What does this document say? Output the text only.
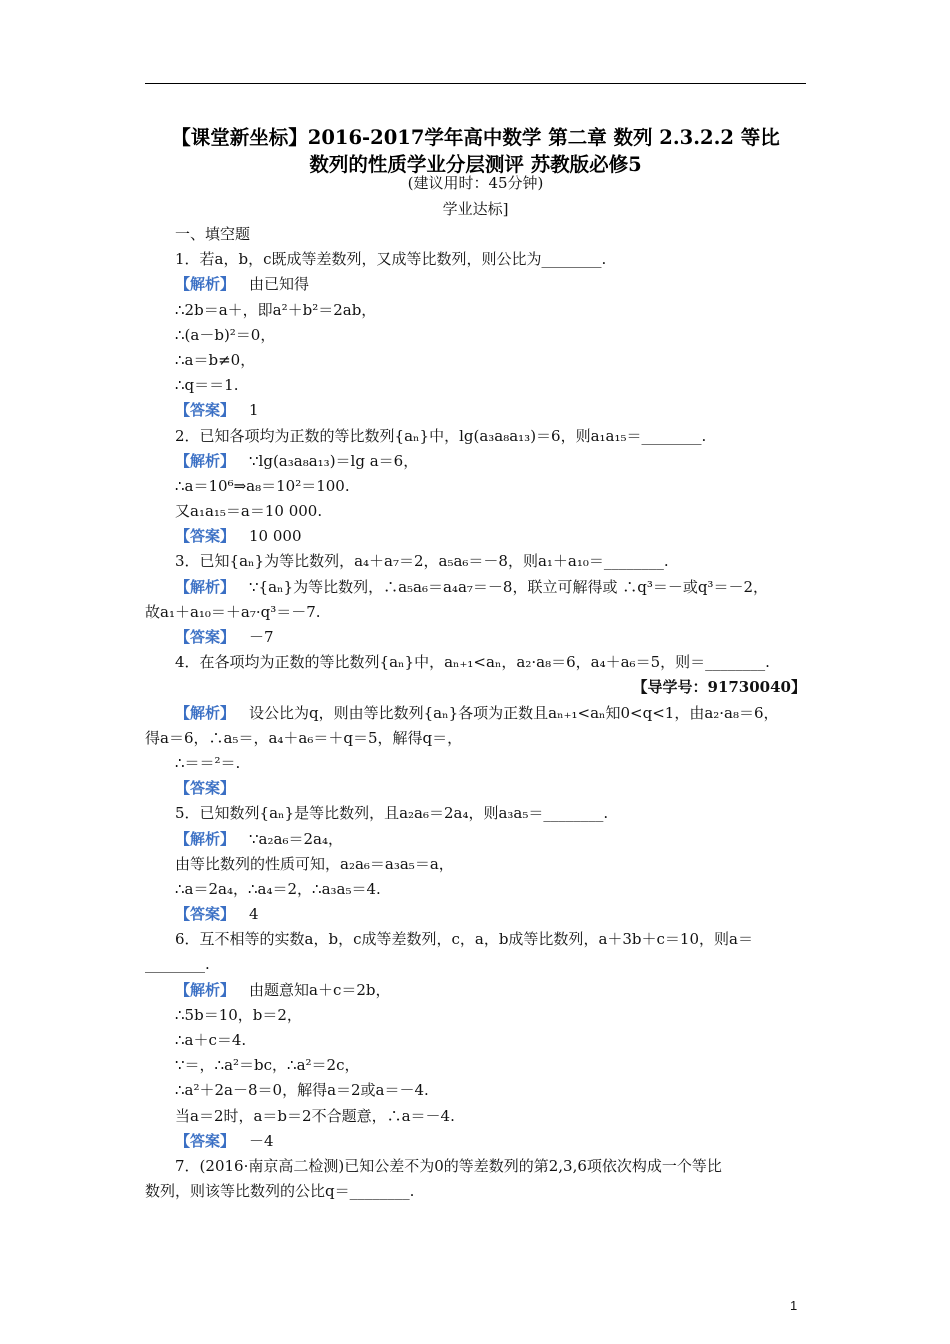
【课堂新坐标】2016-2017学年高中数学 第二章 数列 2.3.2.2 等比
数列的性质学业分层测评 苏教版必修5
(建议用时：45分钟)
学业达标]
一、填空题
1．若a，b，c既成等差数列，又成等比数列，则公比为________.
【解析】 由已知得
∴2b＝a＋，即a²＋b²＝2ab，
∴(a－b)²＝0，
∴a＝b≠0，
∴q＝＝1.
【答案】 1
2．已知各项均为正数的等比数列{aₙ}中，lg(a₃a₈a₁₃)＝6，则a₁a₁₅＝________.
【解析】 ∵lg(a₃a₈a₁₃)＝lg a＝6，
∴a＝10⁶⇒a₈＝10²＝100.
又a₁a₁₅＝a＝10 000.
【答案】 10 000
3．已知{aₙ}为等比数列，a₄＋a₇＝2，a₅a₆＝－8，则a₁＋a₁₀＝________.
【解析】 ∵{aₙ}为等比数列，∴a₅a₆＝a₄a₇＝－8，联立可解得或 ∴q³＝－或q³＝－2，
故a₁＋a₁₀＝＋a₇·q³＝－7.
【答案】 －7
4．在各项均为正数的等比数列{aₙ}中，aₙ₊₁<aₙ，a₂·a₈＝6，a₄＋a₆＝5，则＝________.
【导学号：91730040】
【解析】 设公比为q，则由等比数列{aₙ}各项为正数且aₙ₊₁<aₙ知0<q<1，由a₂·a₈＝6，
得a＝6，∴a₅＝，a₄＋a₆＝＋q＝5，解得q＝，
∴＝＝²＝.
【答案】
5．已知数列{aₙ}是等比数列，且a₂a₆＝2a₄，则a₃a₅＝________.
【解析】 ∵a₂a₆＝2a₄，
由等比数列的性质可知，a₂a₆＝a₃a₅＝a，
∴a＝2a₄，∴a₄＝2，∴a₃a₅＝4.
【答案】 4
6．互不相等的实数a，b，c成等差数列，c，a，b成等比数列，a＋3b＋c＝10，则a＝
________.
【解析】 由题意知a＋c＝2b，
∴5b＝10，b＝2，
∴a＋c＝4.
∵＝，∴a²＝bc，∴a²＝2c，
∴a²＋2a－8＝0，解得a＝2或a＝－4.
当a＝2时，a＝b＝2不合题意，∴a＝－4.
【答案】 －4
7．(2016·南京高二检测)已知公差不为0的等差数列的第2,3,6项依次构成一个等比
数列，则该等比数列的公比q＝________.
1
